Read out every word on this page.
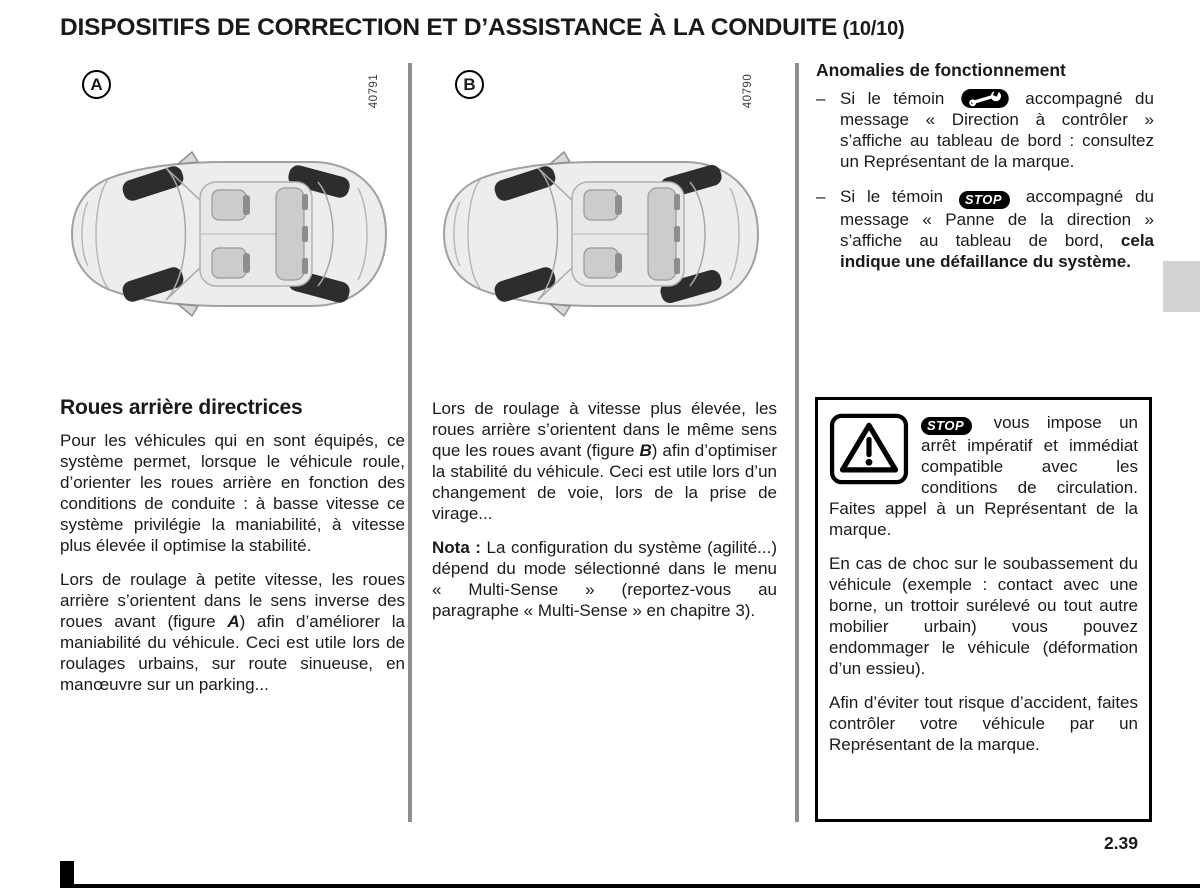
DISPOSITIFS DE CORRECTION ET D’ASSISTANCE À LA CONDUITE (10/10)
A	40791	B	40790
Roues arrière directrices

Pour les véhicules qui en sont équipés, ce système permet, lorsque le véhicule roule, d’orienter les roues arrière en fonction des conditions de conduite : à basse vitesse ce système privilégie la maniabilité, à vitesse plus élevée il optimise la stabilité.

Lors de roulage à petite vitesse, les roues arrière s’orientent dans le sens inverse des roues avant (figure A) afin d’améliorer la maniabilité du véhicule. Ceci est utile lors de roulages urbains, sur route sinueuse, en manœuvre sur un parking...

Lors de roulage à vitesse plus élevée, les roues arrière s’orientent dans le même sens que les roues avant (figure B) afin d’optimiser la stabilité du véhicule. Ceci est utile lors d’un changement de voie, lors de la prise de virage...

Nota : La configuration du système (agilité...) dépend du mode sélectionné dans le menu « Multi-Sense » (reportez-vous au paragraphe « Multi-Sense » en chapitre 3).

Anomalies de fonctionnement
– Si le témoin	accompagné du message « Direction à contrôler » s’affiche au tableau de bord : consultez un Représentant de la marque.
– Si le témoin STOP accompagné du message « Panne de la direction » s’affiche au tableau de bord, cela indique une défaillance du système.

STOP vous impose un arrêt impératif et immédiat compatible avec les conditions de circulation. Faites appel à un Représentant de la marque.

En cas de choc sur le soubassement du véhicule (exemple : contact avec une borne, un trottoir surélevé ou tout autre mobilier urbain) vous pouvez endommager le véhicule (déformation d’un essieu).

Afin d’éviter tout risque d’accident, faites contrôler votre véhicule par un Représentant de la marque.

2.39
